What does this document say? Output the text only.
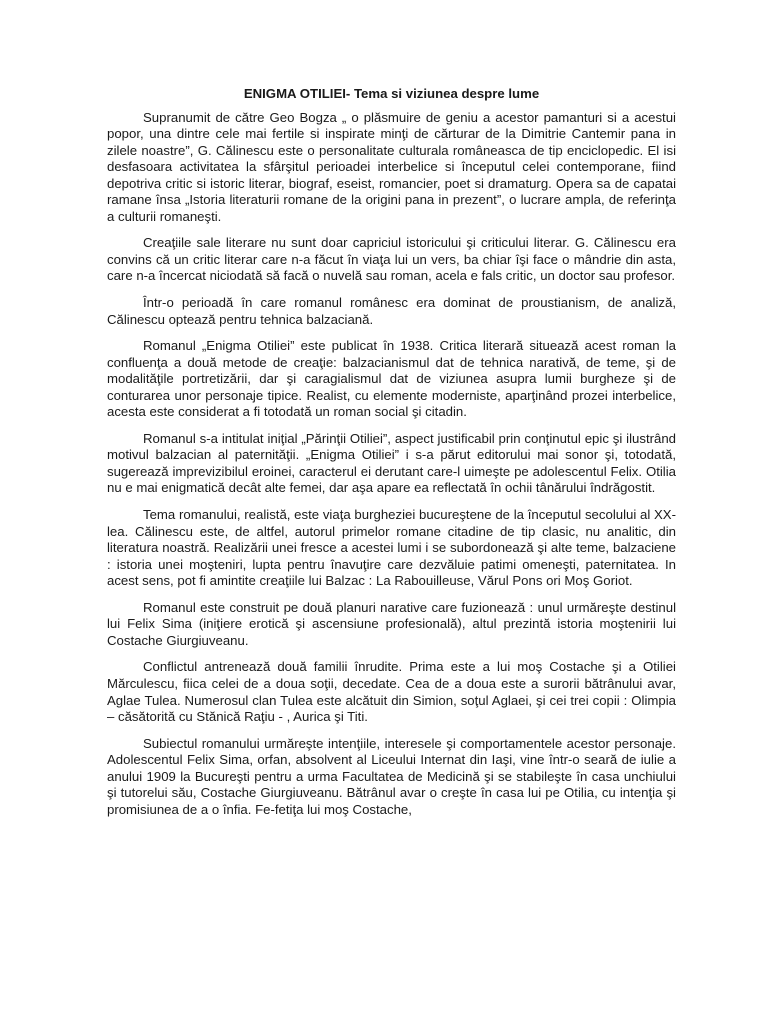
ENIGMA OTILIEI- Tema si viziunea despre lume

Supranumit de către Geo Bogza „ o plăsmuire de geniu a acestor pamanturi si a acestui popor, una dintre cele mai fertile si inspirate minţi de cărturar de la Dimitrie Cantemir pana in zilele noastre”, G. Călinescu este o personalitate culturala româneasca de tip enciclopedic. El isi desfasoara activitatea la sfârşitul perioadei interbelice si începutul celei contemporane, fiind depotriva critic si istoric literar, biograf, eseist, romancier, poet si dramaturg. Opera sa de capatai ramane însa „Istoria literaturii romane de la origini pana in prezent”, o lucrare ampla, de referinţa a culturii romaneşti.

Creaţiile sale literare nu sunt doar capriciul istoricului şi criticului literar. G. Călinescu era convins că un critic literar care n-a făcut în viaţa lui un vers, ba chiar îşi face o mândrie din asta, care n-a încercat niciodată să facă o nuvelă sau roman, acela e fals critic, un doctor sau profesor.

Într-o perioadă în care romanul românesc era dominat de proustianism, de analiză, Călinescu optează pentru tehnica balzaciană.

Romanul „Enigma Otiliei” este publicat în 1938. Critica literară situează acest roman la confluenţa a două metode de creaţie: balzacianismul dat de tehnica narativă, de teme, şi de modalităţile portretizării, dar şi caragialismul dat de viziunea asupra lumii burgheze şi de conturarea unor personaje tipice. Realist, cu elemente moderniste, aparţinând prozei interbelice, acesta este considerat a fi totodată un roman social şi citadin.

Romanul s-a intitulat iniţial „Părinţii Otiliei”, aspect justificabil prin conţinutul epic şi ilustrând motivul balzacian al paternităţii. „Enigma Otiliei” i s-a părut editorului mai sonor şi, totodată, sugerează imprevizibilul eroinei, caracterul ei derutant care-l uimeşte pe adolescentul Felix. Otilia nu e mai enigmatică decât alte femei, dar aşa apare ea reflectată în ochii tânărului îndrăgostit.

Tema romanului, realistă, este viaţa burgheziei bucureştene de la începutul secolului al XX-lea. Călinescu este, de altfel, autorul primelor romane citadine de tip clasic, nu analitic, din literatura noastră. Realizării unei fresce a acestei lumi i se subordonează şi alte teme, balzaciene : istoria unei moşteniri, lupta pentru înavuţire care dezvăluie patimi omeneşti, paternitatea. In acest sens, pot fi amintite creaţiile lui Balzac : La Rabouilleuse, Vărul Pons ori Moş Goriot.

Romanul este construit pe două planuri narative care fuzionează : unul urmăreşte destinul lui Felix Sima (iniţiere erotică şi ascensiune profesională), altul prezintă istoria moştenirii lui Costache Giurgiuveanu.

Conflictul antrenează două familii înrudite. Prima este a lui moş Costache şi a Otiliei Mărculescu, fiica celei de a doua soţii, decedate. Cea de a doua este a surorii bătrânului avar, Aglae Tulea. Numerosul clan Tulea este alcătuit din Simion, soţul Aglaei, şi cei trei copii : Olimpia – căsătorită cu Stănică Raţiu - , Aurica şi Titi.

Subiectul romanului urmăreşte intenţiile, interesele şi comportamentele acestor personaje. Adolescentul Felix Sima, orfan, absolvent al Liceului Internat din Iaşi, vine într-o seară de iulie a anului 1909 la Bucureşti pentru a urma Facultatea de Medicină şi se stabileşte în casa unchiului şi tutorelui său, Costache Giurgiuveanu. Bătrânul avar o creşte în casa lui pe Otilia, cu intenţia şi promisiunea de a o înfia. Fe-fetiţa lui moş Costache,
